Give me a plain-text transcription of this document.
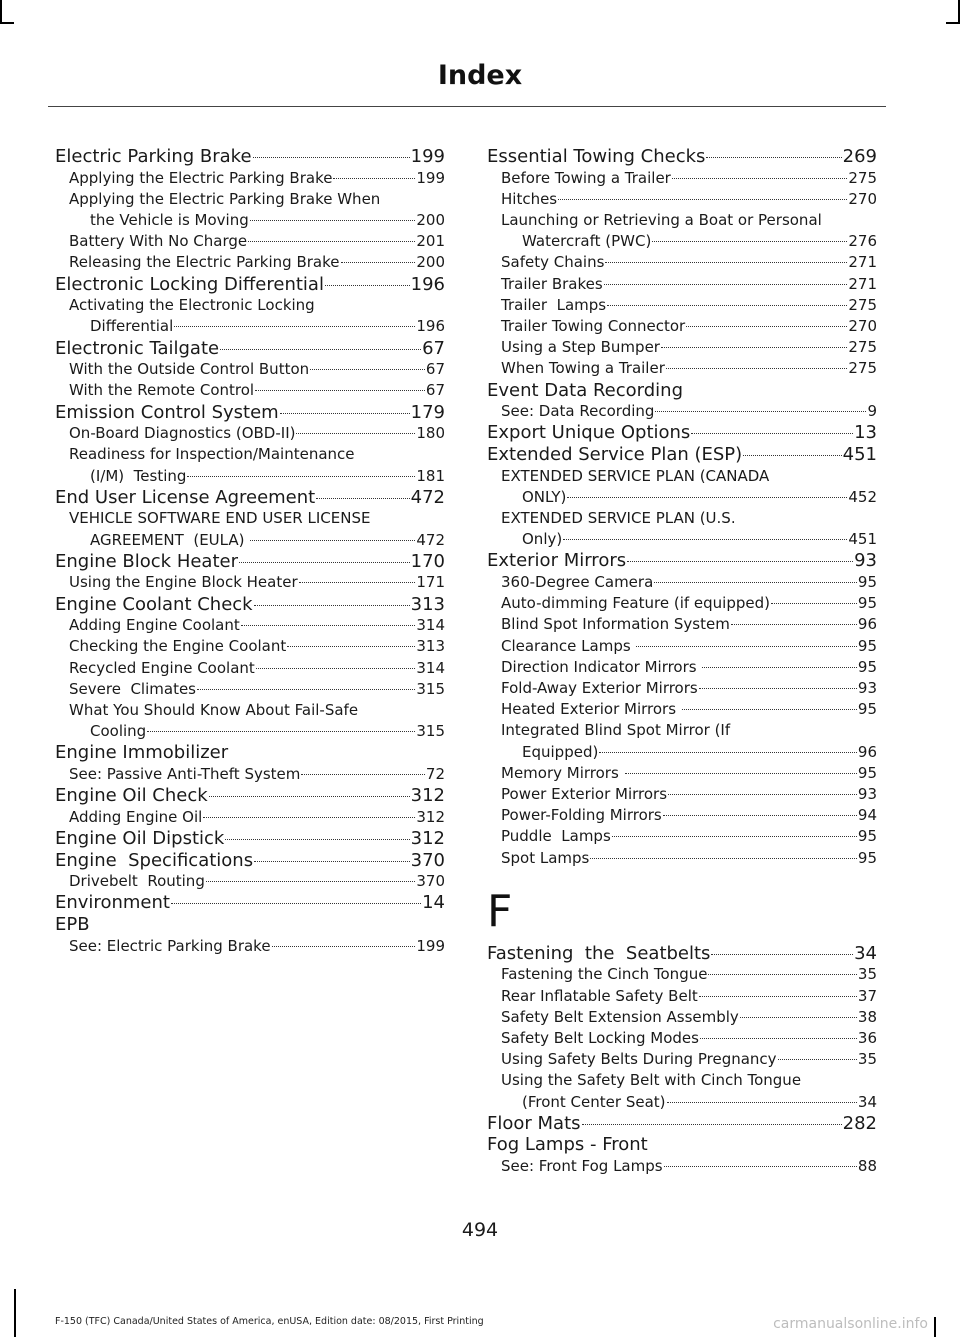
Index
Electric Parking Brake	199
Applying the Electric Parking Brake	199
Applying the Electric Parking Brake When
the Vehicle is Moving	200
Battery With No Charge	201
Releasing the Electric Parking Brake	200
Electronic Locking Differential	196
Activating the Electronic Locking
Differential	196
Electronic Tailgate	67
With the Outside Control Button	67
With the Remote Control	67
Emission Control System	179
On-Board Diagnostics (OBD-II)	180
Readiness for Inspection/Maintenance
(I/M)  Testing	181
End User License Agreement	472
VEHICLE SOFTWARE END USER LICENSE
AGREEMENT  (EULA)	472
Engine Block Heater	170
Using the Engine Block Heater	171
Engine Coolant Check	313
Adding Engine Coolant	314
Checking the Engine Coolant	313
Recycled Engine Coolant	314
Severe  Climates	315
What You Should Know About Fail-Safe
Cooling	315
Engine Immobilizer
See: Passive Anti-Theft System	72
Engine Oil Check	312
Adding Engine Oil	312
Engine Oil Dipstick	312
Engine  Specifications	370
Drivebelt  Routing	370
Environment	14
EPB
See: Electric Parking Brake	199
Essential Towing Checks	269
Before Towing a Trailer	275
Hitches	270
Launching or Retrieving a Boat or Personal
Watercraft (PWC)	276
Safety Chains	271
Trailer Brakes	271
Trailer  Lamps	275
Trailer Towing Connector	270
Using a Step Bumper	275
When Towing a Trailer	275
Event Data Recording
See: Data Recording	9
Export Unique Options	13
Extended Service Plan (ESP)	451
EXTENDED SERVICE PLAN (CANADA
ONLY)	452
EXTENDED SERVICE PLAN (U.S.
Only)	451
Exterior Mirrors	93
360-Degree Camera	95
Auto-dimming Feature (if equipped)	95
Blind Spot Information System	96
Clearance Lamps	95
Direction Indicator Mirrors	95
Fold-Away Exterior Mirrors	93
Heated Exterior Mirrors	95
Integrated Blind Spot Mirror (If
Equipped)	96
Memory Mirrors	95
Power Exterior Mirrors	93
Power-Folding Mirrors	94
Puddle  Lamps	95
Spot Lamps	95
F
Fastening  the  Seatbelts	34
Fastening the Cinch Tongue	35
Rear Inflatable Safety Belt	37
Safety Belt Extension Assembly	38
Safety Belt Locking Modes	36
Using Safety Belts During Pregnancy	35
Using the Safety Belt with Cinch Tongue
(Front Center Seat)	34
Floor Mats	282
Fog Lamps - Front
See: Front Fog Lamps	88
494
F-150 (TFC) Canada/United States of America, enUSA, Edition date: 08/2015, First Printing	carmanualsonline.info
